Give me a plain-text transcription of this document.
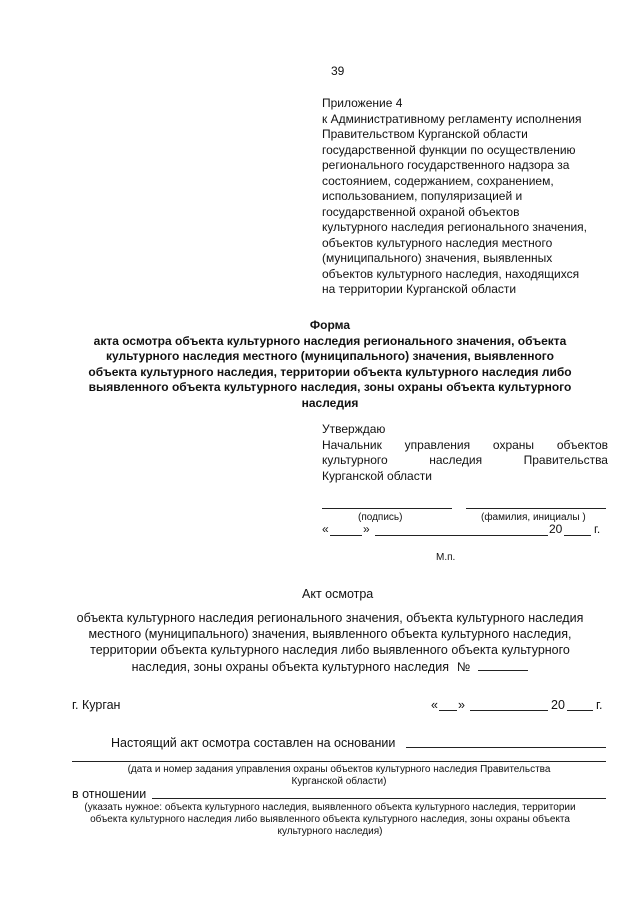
39
Приложение 4
к Административному регламенту исполнения
Правительством Курганской области
государственной функции по осуществлению
регионального государственного надзора за
состоянием, содержанием, сохранением,
использованием, популяризацией и
государственной охраной объектов
культурного наследия регионального значения,
объектов культурного наследия местного
(муниципального) значения, выявленных
объектов культурного наследия, находящихся
на территории Курганской области
Форма
акта осмотра объекта культурного наследия регионального значения, объекта
культурного наследия местного (муниципального) значения, выявленного
объекта культурного наследия, территории объекта культурного наследия либо
выявленного объекта культурного наследия, зоны охраны объекта культурного
наследия
Утверждаю
Начальник управления охраны объектов
культурного	наследия	Правительства
Курганской области
(подпись)	(фамилия, инициалы )
«	»	20	г.
М.п.
Акт осмотра
объекта культурного наследия регионального значения, объекта культурного наследия
местного (муниципального) значения, выявленного объекта культурного наследия,
территории объекта культурного наследия либо выявленного объекта культурного
наследия, зоны охраны объекта культурного наследия №
г. Курган	« »	20 г.
Настоящий акт осмотра составлен на основании
(дата и номер задания управления охраны объектов культурного наследия Правительства
Курганской области)
в отношении
(указать нужное: объекта культурного наследия, выявленного объекта культурного наследия, территории
объекта культурного наследия либо выявленного объекта культурного наследия, зоны охраны объекта
культурного наследия)
